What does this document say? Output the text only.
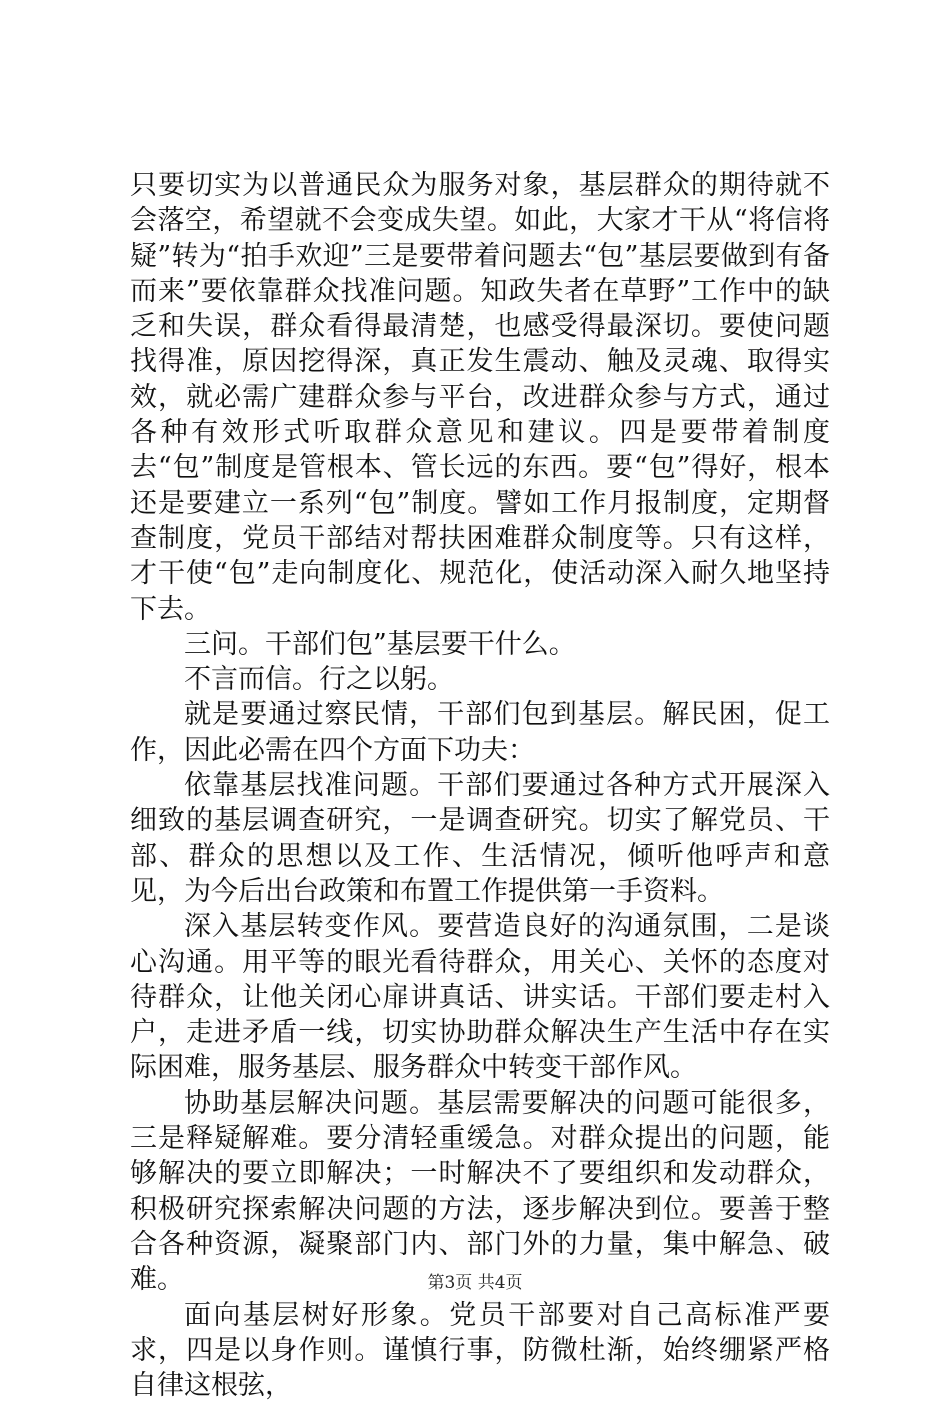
只要切实为以普通民众为服务对象，基层群众的期待就不会落空，希望就不会变成失望。如此，大家才干从“将信将疑”转为“拍手欢迎”三是要带着问题去“包”基层要做到有备而来”要依靠群众找准问题。知政失者在草野”工作中的缺乏和失误，群众看得最清楚，也感受得最深切。要使问题找得准，原因挖得深，真正发生震动、触及灵魂、取得实效，就必需广建群众参与平台，改进群众参与方式，通过各种有效形式听取群众意见和建议。四是要带着制度去“包”制度是管根本、管长远的东西。要“包”得好，根本还是要建立一系列“包”制度。譬如工作月报制度，定期督查制度，党员干部结对帮扶困难群众制度等。只有这样，才干使“包”走向制度化、规范化，使活动深入耐久地坚持下去。

三问。干部们包”基层要干什么。

不言而信。行之以躬。

就是要通过察民情，干部们包到基层。解民困，促工作，因此必需在四个方面下功夫：

依靠基层找准问题。干部们要通过各种方式开展深入细致的基层调查研究，一是调查研究。切实了解党员、干部、群众的思想以及工作、生活情况，倾听他呼声和意见，为今后出台政策和布置工作提供第一手资料。

深入基层转变作风。要营造良好的沟通氛围，二是谈心沟通。用平等的眼光看待群众，用关心、关怀的态度对待群众，让他关闭心扉讲真话、讲实话。干部们要走村入户，走进矛盾一线，切实协助群众解决生产生活中存在实际困难，服务基层、服务群众中转变干部作风。

协助基层解决问题。基层需要解决的问题可能很多，三是释疑解难。要分清轻重缓急。对群众提出的问题，能够解决的要立即解决；一时解决不了要组织和发动群众，积极研究探索解决问题的方法，逐步解决到位。要善于整合各种资源，凝聚部门内、部门外的力量，集中解急、破难。

面向基层树好形象。党员干部要对自己高标准严要求，四是以身作则。谨慎行事，防微杜渐，始终绷紧严格自律这根弦，

第3页 共4页
